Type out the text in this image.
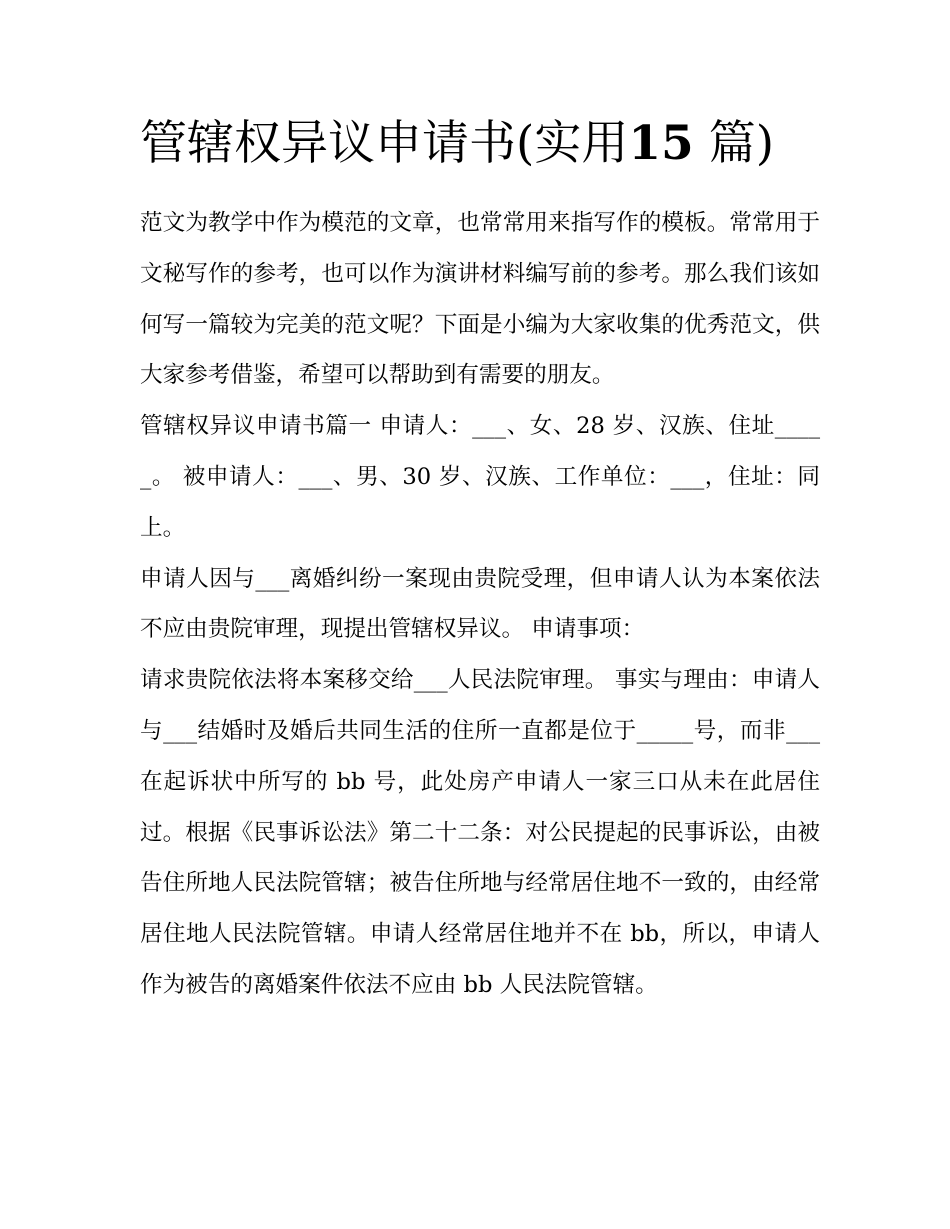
管辖权异议申请书(实用15 篇)

范文为教学中作为模范的文章，也常常用来指写作的模板。常常用于文秘写作的参考，也可以作为演讲材料编写前的参考。那么我们该如何写一篇较为完美的范文呢？下面是小编为大家收集的优秀范文，供大家参考借鉴，希望可以帮助到有需要的朋友。

管辖权异议申请书篇一 申请人：___、女、28 岁、汉族、住址_____。 被申请人：___、男、30 岁、汉族、工作单位：___，住址：同上。

申请人因与___离婚纠纷一案现由贵院受理，但申请人认为本案依法不应由贵院审理，现提出管辖权异议。 申请事项：

请求贵院依法将本案移交给___人民法院审理。 事实与理由：申请人与___结婚时及婚后共同生活的住所一直都是位于_____号，而非___在起诉状中所写的 bb 号，此处房产申请人一家三口从未在此居住过。根据《民事诉讼法》第二十二条：对公民提起的民事诉讼，由被告住所地人民法院管辖；被告住所地与经常居住地不一致的，由经常居住地人民法院管辖。申请人经常居住地并不在 bb，所以，申请人作为被告的离婚案件依法不应由 bb 人民法院管辖。
